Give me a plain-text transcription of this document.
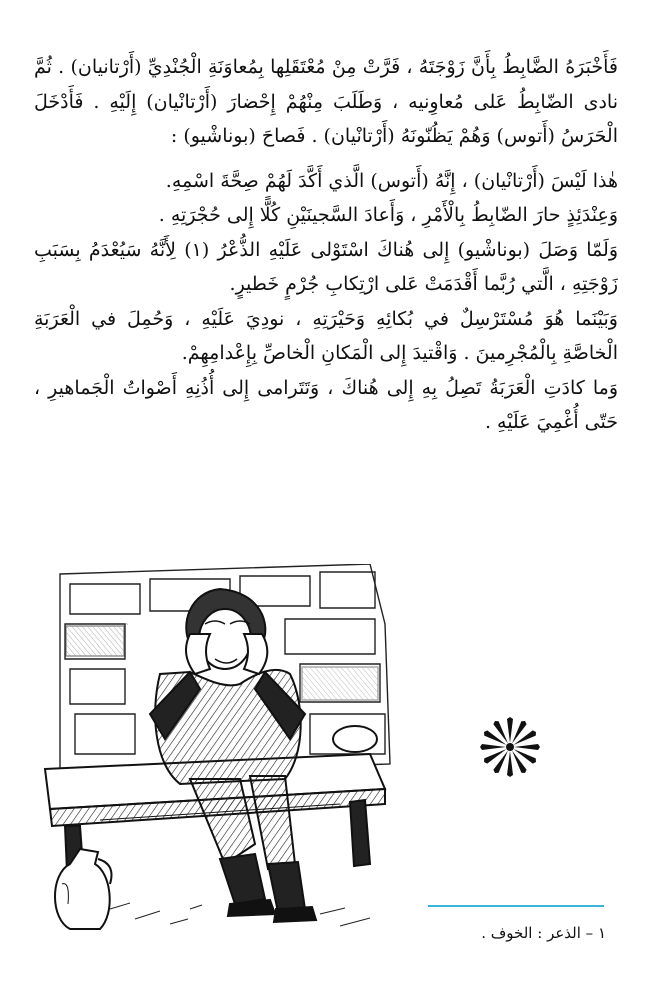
فَأَخْبَرَهُ الضَّابِطُ بِأَنَّ زَوْجَتَهُ ، فَرَّتْ مِنْ مُعْتَقَلِها بِمُعاوَنَةِ الْجُنْدِيِّ (أَرْتانيان) . ثُمَّ نادى الضّابِطُ عَلى مُعاوِنيه ، وَطَلَبَ مِنْهُمْ إِحْضارَ (أَرْتانْيان) إِلَيْهِ . فَأَدْخَلَ الْحَرَسُ (أَتوس) وَهُمْ يَظُنّونَهُ (أَرْتانْيان) . فَصاحَ (بوناشْيو) :

هٰذا لَيْسَ (أَرْتانْيان) ، إِنَّهُ (أَتوس) الَّذي أَكَّدَ لَهُمْ صِحَّةَ اسْمِهِ.

وَعِنْدَئِذٍ حارَ الضّابِطُ بِالْأَمْرِ ، وَأَعادَ السَّجينَيْنِ كُلًّا إِلى حُجْرَتِهِ .

وَلَمّا وَصَلَ (بوناشْيو) إِلى هُناكَ اسْتَوْلى عَلَيْهِ الذُّعْرُ (١) لِأَنَّهُ سَيُعْدَمُ بِسَبَبِ زَوْجَتِهِ ، الَّتي رُبَّما أَقْدَمَتْ عَلى ارْتِكابِ جُرْمٍ خَطيرٍ.

وَبَيْنَما هُوَ مُسْتَرْسِلٌ في بُكائِهِ وَحَيْرَتِهِ ، نودِيَ عَلَيْهِ ، وَحُمِلَ في الْعَرَبَةِ الْخاصَّةِ بِالْمُجْرِمينَ . وَاقْتيدَ إِلى الْمَكانِ الْخاصِّ بِإِعْدامِهِمْ.

وَما كادَتِ الْعَرَبَةُ تَصِلُ بِهِ إِلى هُناكَ ، وَتَتَرامى إِلى أُذُنِهِ أَصْواتُ الْجَماهيرِ ، حَتّى أُغْمِيَ عَلَيْهِ .

١ – الذعر : الخوف .
